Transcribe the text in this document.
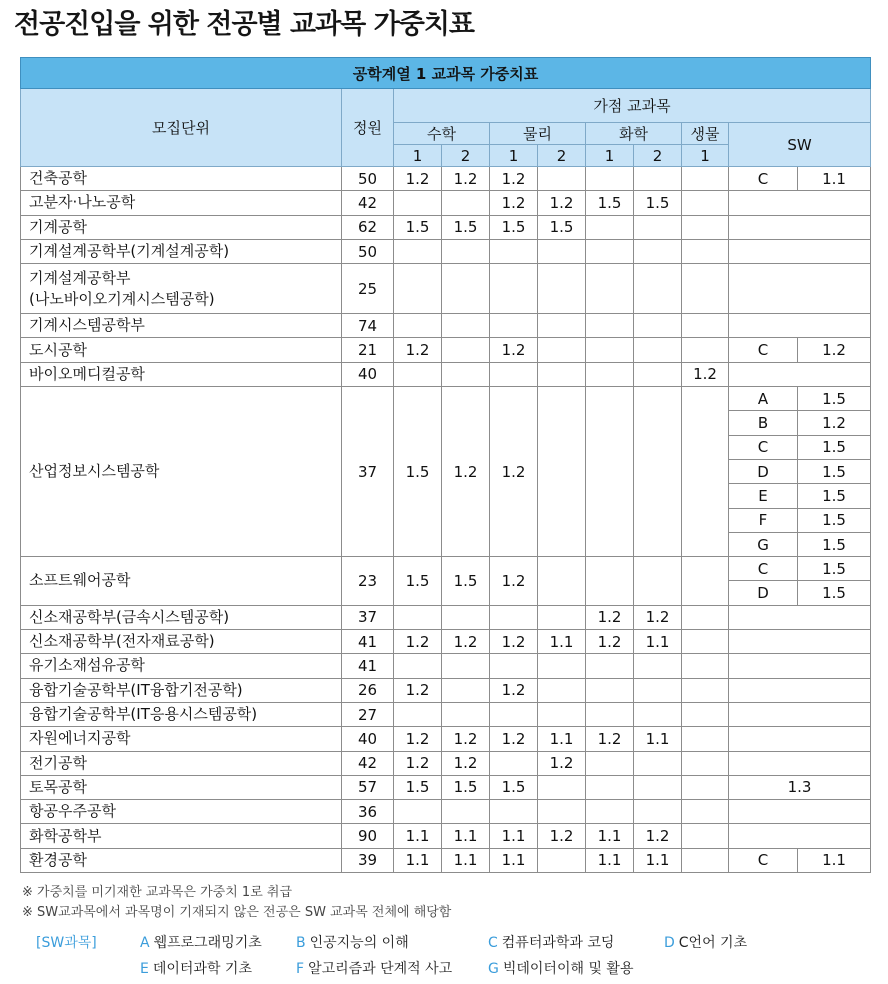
전공진입을 위한 전공별 교과목 가중치표
공학계열 1 교과목 가중치표										
모집단위	정원	가점 교과목								
		수학		물리		화학		생물	SW	
		1	2	1	2	1	2	1		
건축공학	50	1.2	1.2	1.2					C	1.1
고분자·나노공학	42			1.2	1.2	1.5	1.5			
기계공학	62	1.5	1.5	1.5	1.5					
기계설계공학부(기계설계공학)	50									

기계설계공학부
(나노바이오기계시스템공학)	25									
기계시스템공학부	74									
도시공학	21	1.2		1.2					C	1.2
바이오메디컬공학	40							1.2		
산업정보시스템공학	37	1.5	1.2	1.2					A	1.5
									B	1.2
									C	1.5
									D	1.5
									E	1.5
									F	1.5
									G	1.5
소프트웨어공학	23	1.5	1.5	1.2					C	1.5
									D	1.5
신소재공학부(금속시스템공학)	37					1.2	1.2			
신소재공학부(전자재료공학)	41	1.2	1.2	1.2	1.1	1.2	1.1			
유기소재섬유공학	41									
융합기술공학부(IT융합기전공학)	26	1.2		1.2						
융합기술공학부(IT응용시스템공학)	27									
자원에너지공학	40	1.2	1.2	1.2	1.1	1.2	1.1			
전기공학	42	1.2	1.2		1.2					
토목공학	57	1.5	1.5	1.5					1.3	
항공우주공학	36									
화학공학부	90	1.1	1.1	1.1	1.2	1.1	1.2			
환경공학	39	1.1	1.1	1.1		1.1	1.1		C	1.1
※ 가중치를 미기재한 교과목은 가중치 1로 취급
※ SW교과목에서 과목명이 기재되지 않은 전공은 SW 교과목 전체에 해당함
[SW과목]	A 웹프로그래밍기초 B 인공지능의 이해	C 컴퓨터과학과 코딩	D C언어 기초
E 데이터과학 기초	F 알고리즘과 단계적 사고	G 빅데이터이해 및 활용
